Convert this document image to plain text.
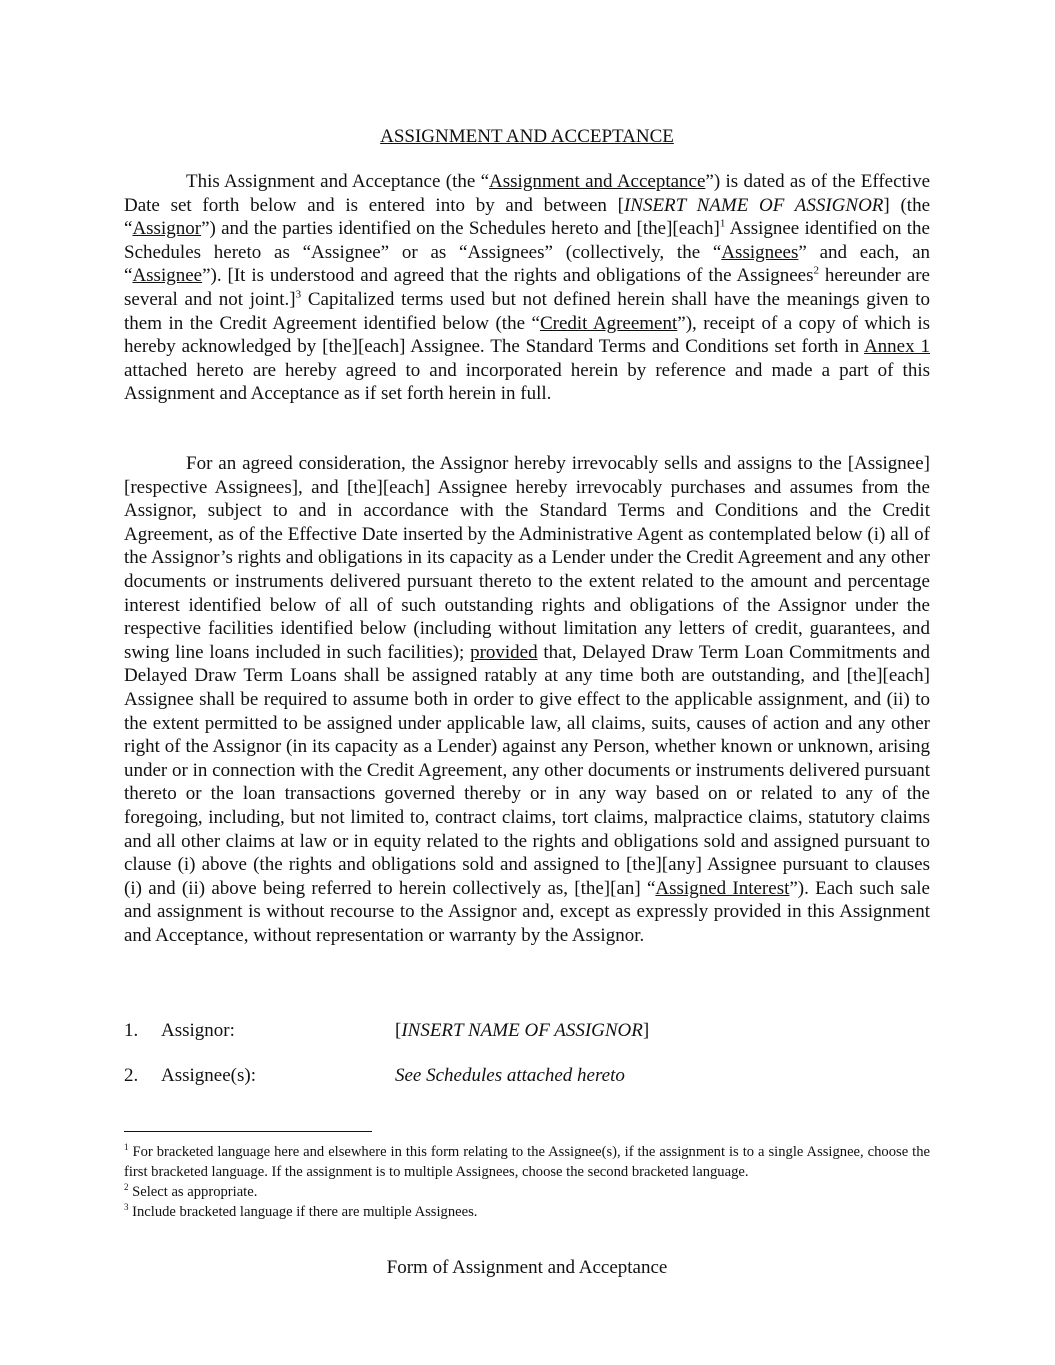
ASSIGNMENT AND ACCEPTANCE

This Assignment and Acceptance (the “Assignment and Acceptance”) is dated as of the Effective Date set forth below and is entered into by and between [INSERT NAME OF ASSIGNOR] (the “Assignor”) and the parties identified on the Schedules hereto and [the][each]$^1$ Assignee identified on the Schedules hereto as “Assignee” or as “Assignees” (collectively, the “Assignees” and each, an “Assignee”). [It is understood and agreed that the rights and obligations of the Assignees$^2$ hereunder are several and not joint.]$^3$ Capitalized terms used but not defined herein shall have the meanings given to them in the Credit Agreement identified below (the “Credit Agreement”), receipt of a copy of which is hereby acknowledged by [the][each] Assignee. The Standard Terms and Conditions set forth in Annex 1 attached hereto are hereby agreed to and incorporated herein by reference and made a part of this Assignment and Acceptance as if set forth herein in full.

For an agreed consideration, the Assignor hereby irrevocably sells and assigns to the [Assignee][respective Assignees], and [the][each] Assignee hereby irrevocably purchases and assumes from the Assignor, subject to and in accordance with the Standard Terms and Conditions and the Credit Agreement, as of the Effective Date inserted by the Administrative Agent as contemplated below (i) all of the Assignor’s rights and obligations in its capacity as a Lender under the Credit Agreement and any other documents or instruments delivered pursuant thereto to the extent related to the amount and percentage interest identified below of all of such outstanding rights and obligations of the Assignor under the respective facilities identified below (including without limitation any letters of credit, guarantees, and swing line loans included in such facilities); provided that, Delayed Draw Term Loan Commitments and Delayed Draw Term Loans shall be assigned ratably at any time both are outstanding, and [the][each] Assignee shall be required to assume both in order to give effect to the applicable assignment, and (ii) to the extent permitted to be assigned under applicable law, all claims, suits, causes of action and any other right of the Assignor (in its capacity as a Lender) against any Person, whether known or unknown, arising under or in connection with the Credit Agreement, any other documents or instruments delivered pursuant thereto or the loan transactions governed thereby or in any way based on or related to any of the foregoing, including, but not limited to, contract claims, tort claims, malpractice claims, statutory claims and all other claims at law or in equity related to the rights and obligations sold and assigned pursuant to clause (i) above (the rights and obligations sold and assigned to [the][any] Assignee pursuant to clauses (i) and (ii) above being referred to herein collectively as, [the][an] “Assigned Interest”). Each such sale and assignment is without recourse to the Assignor and, except as expressly provided in this Assignment and Acceptance, without representation or warranty by the Assignor.

1. Assignor:	[INSERT NAME OF ASSIGNOR]
2. Assignee(s):	See Schedules attached hereto

$^1$ For bracketed language here and elsewhere in this form relating to the Assignee(s), if the assignment is to a single Assignee, choose the first bracketed language. If the assignment is to multiple Assignees, choose the second bracketed language.

$^2$ Select as appropriate.

$^3$ Include bracketed language if there are multiple Assignees.

Form of Assignment and Acceptance
